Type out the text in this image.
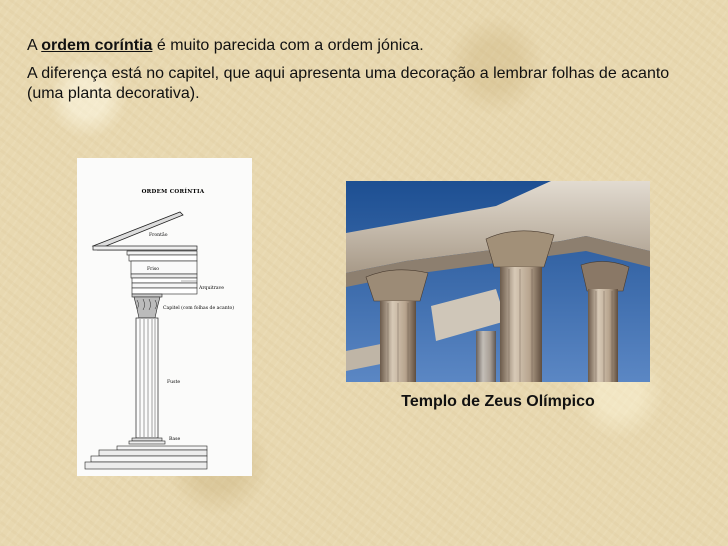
A ordem coríntia é muito parecida com a ordem jónica.

A diferença está no capitel, que aqui apresenta uma decoração a lembrar folhas de acanto (uma planta decorativa).

ORDEM CORÍNTIA
Frontão
Friso
Arquitrave
Capitel (com folhas de acanto)
Fuste
Base
Templo de Zeus Olímpico
